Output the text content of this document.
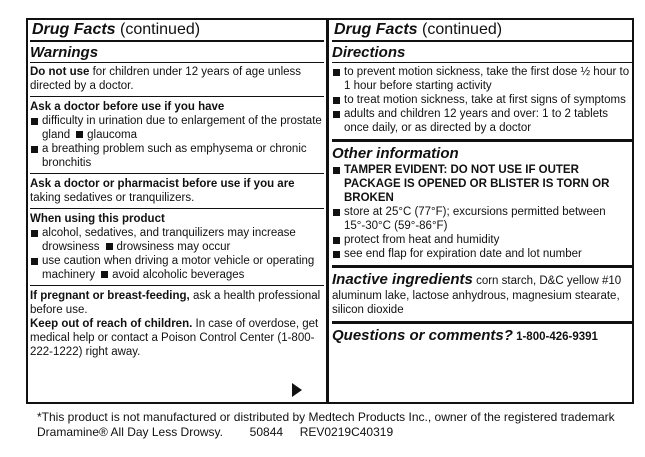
Drug Facts (continued)
Warnings
Do not use for children under 12 years of age unless directed by a doctor.
Ask a doctor before use if you have
difficulty in urination due to enlargement of the prostate gland glaucoma
a breathing problem such as emphysema or chronic bronchitis
Ask a doctor or pharmacist before use if you are taking sedatives or tranquilizers.
When using this product
alcohol, sedatives, and tranquilizers may increase drowsiness drowsiness may occur
use caution when driving a motor vehicle or operating machinery avoid alcoholic beverages
If pregnant or breast-feeding, ask a health professional before use.
Keep out of reach of children. In case of overdose, get medical help or contact a Poison Control Center (1-800-222-1222) right away.
Drug Facts (continued)
Directions
to prevent motion sickness, take the first dose ½ hour to 1 hour before starting activity
to treat motion sickness, take at first signs of symptoms
adults and children 12 years and over: 1 to 2 tablets once daily, or as directed by a doctor
Other information
TAMPER EVIDENT: DO NOT USE IF OUTER PACKAGE IS OPENED OR BLISTER IS TORN OR BROKEN
store at 25°C (77°F); excursions permitted between 15°-30°C (59°-86°F)
protect from heat and humidity
see end flap for expiration date and lot number
Inactive ingredients corn starch, D&C yellow #10 aluminum lake, lactose anhydrous, magnesium stearate, silicon dioxide
Questions or comments? 1-800-426-9391
*This product is not manufactured or distributed by Medtech Products Inc., owner of the registered trademark
Dramamine® All Day Less Drowsy.        50844     REV0219C40319
